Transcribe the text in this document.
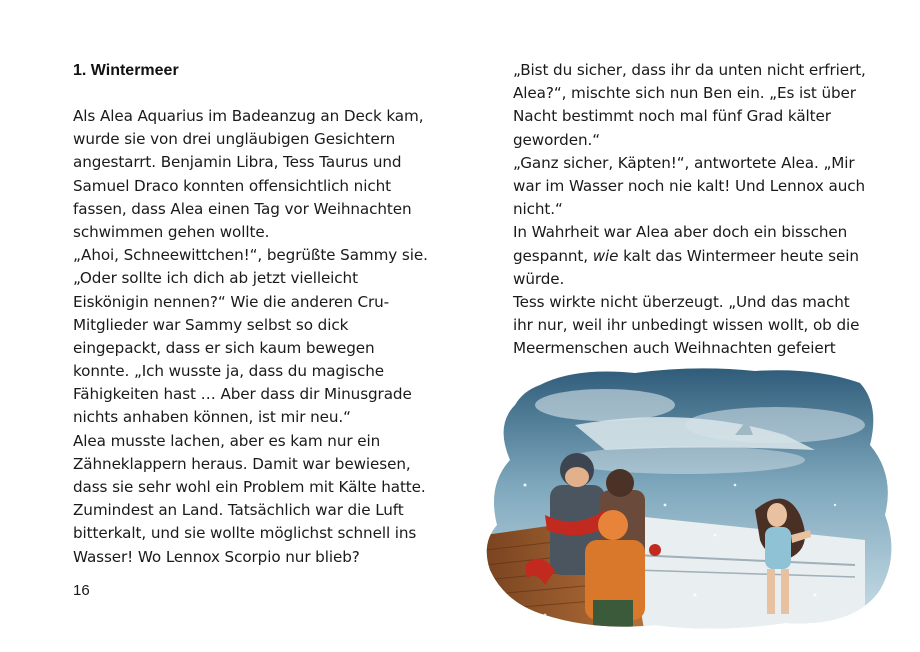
1. Wintermeer
Als Alea Aquarius im Badeanzug an Deck kam,
wurde sie von drei ungläubigen Gesichtern
angestarrt. Benjamin Libra, Tess Taurus und
Samuel Draco konnten offensichtlich nicht
fassen, dass Alea einen Tag vor Weihnachten
schwimmen gehen wollte.
„Ahoi, Schneewittchen!“, begrüßte Sammy sie.
„Oder sollte ich dich ab jetzt vielleicht
Eiskönigin nennen?“ Wie die anderen Cru-
Mitglieder war Sammy selbst so dick
eingepackt, dass er sich kaum bewegen
konnte. „Ich wusste ja, dass du magische
Fähigkeiten hast … Aber dass dir Minusgrade
nichts anhaben können, ist mir neu.“
Alea musste lachen, aber es kam nur ein
Zähneklappern heraus. Damit war bewiesen,
dass sie sehr wohl ein Problem mit Kälte hatte.
Zumindest an Land. Tatsächlich war die Luft
bitterkalt, und sie wollte möglichst schnell ins
Wasser! Wo Lennox Scorpio nur blieb?
16
„Bist du sicher, dass ihr da unten nicht erfriert,
Alea?“, mischte sich nun Ben ein. „Es ist über
Nacht bestimmt noch mal fünf Grad kälter
geworden.“
„Ganz sicher, Käpten!“, antwortete Alea. „Mir
war im Wasser noch nie kalt! Und Lennox auch
nicht.“
In Wahrheit war Alea aber doch ein bisschen
gespannt, wie kalt das Wintermeer heute sein
würde.
Tess wirkte nicht überzeugt. „Und das macht
ihr nur, weil ihr unbedingt wissen wollt, ob die
Meermenschen auch Weihnachten gefeiert
